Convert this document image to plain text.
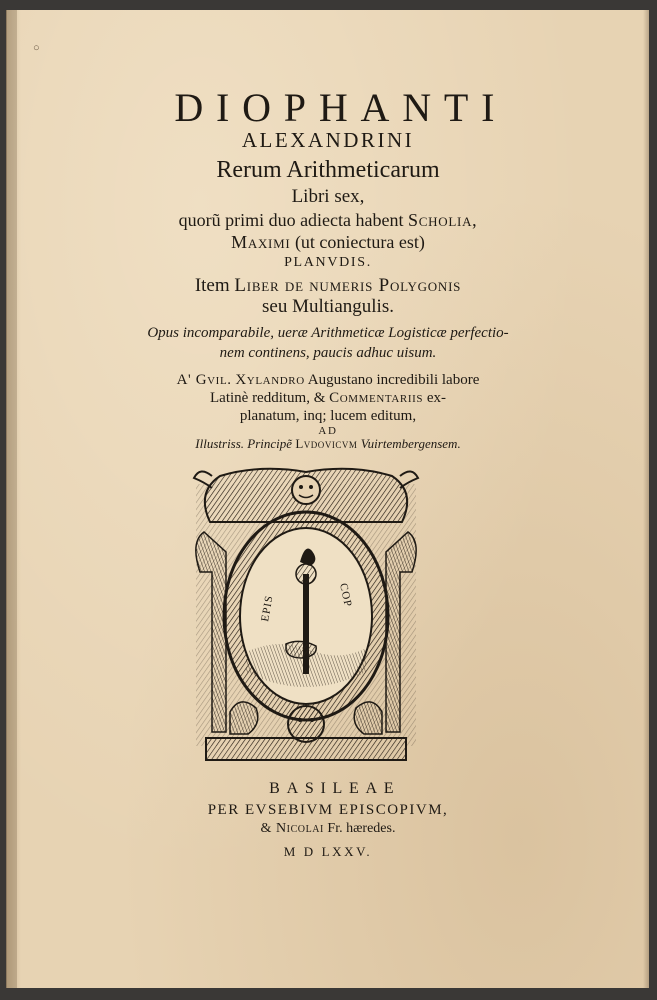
○
DIOPHANTI
ALEXANDRINI
Rerum Arithmeticarum
Libri sex,
quorũ primi duo adiecta habent Scholia,
Maximi (ut coniectura est)
PLANVDIS.
Item Liber de numeris Polygonis
seu Multiangulis.
Opus incomparabile, ueræ Arithmeticæ Logisticæ perfectio-
nem continens, paucis adhuc uisum.
A' Gvil. Xylandro Augustano incredibili labore
Latinè redditum, & Commentariis ex-
planatum, inq; lucem editum,
AD
Illustriss. Principẽ Lvdovicvm Vuirtembergensem.
EPIS	COP
BASILEAE
PER EVSEBIVM EPISCOPIVM,
& Nicolai Fr. hæredes.
M D LXXV.
